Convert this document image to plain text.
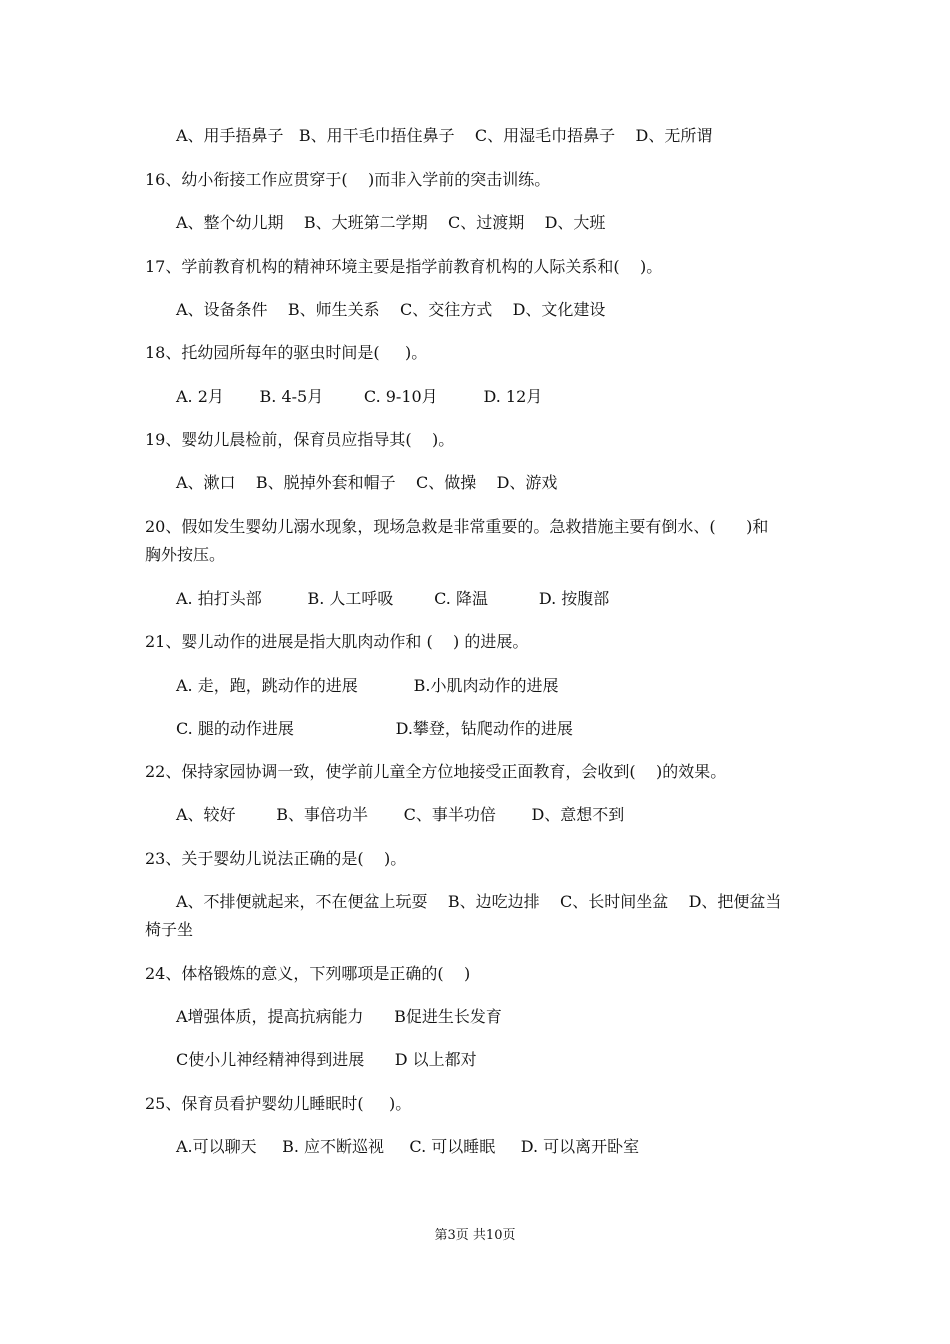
A、用手捂鼻子   B、用干毛巾捂住鼻子    C、用湿毛巾捂鼻子    D、无所谓
16、幼小衔接工作应贯穿于(    )而非入学前的突击训练。
A、整个幼儿期    B、大班第二学期    C、过渡期    D、大班
17、学前教育机构的精神环境主要是指学前教育机构的人际关系和(    )。
A、设备条件    B、师生关系    C、交往方式    D、文化建设
18、托幼园所每年的驱虫时间是(     )。
A. 2月       B. 4-5月        C. 9-10月         D. 12月
19、婴幼儿晨检前，保育员应指导其(    )。
A、漱口    B、脱掉外套和帽子    C、做操    D、游戏
20、假如发生婴幼儿溺水现象，现场急救是非常重要的。急救措施主要有倒水、(      )和
胸外按压。
A. 拍打头部         B. 人工呼吸        C. 降温          D. 按腹部
21、婴儿动作的进展是指大肌肉动作和 (    ) 的进展。
A. 走，跑，跳动作的进展           B.小肌肉动作的进展
C. 腿的动作进展                    D.攀登，钻爬动作的进展
22、保持家园协调一致，使学前儿童全方位地接受正面教育，会收到(    )的效果。
A、较好        B、事倍功半       C、事半功倍       D、意想不到
23、关于婴幼儿说法正确的是(    )。
A、不排便就起来，不在便盆上玩耍    B、边吃边排    C、长时间坐盆    D、把便盆当
椅子坐
24、体格锻炼的意义，下列哪项是正确的(    )
A增强体质，提高抗病能力      B促进生长发育
C使小儿神经精神得到进展      D 以上都对
25、保育员看护婴幼儿睡眠时(     )。
A.可以聊天     B. 应不断巡视     C. 可以睡眠     D. 可以离开卧室
第3页 共10页
